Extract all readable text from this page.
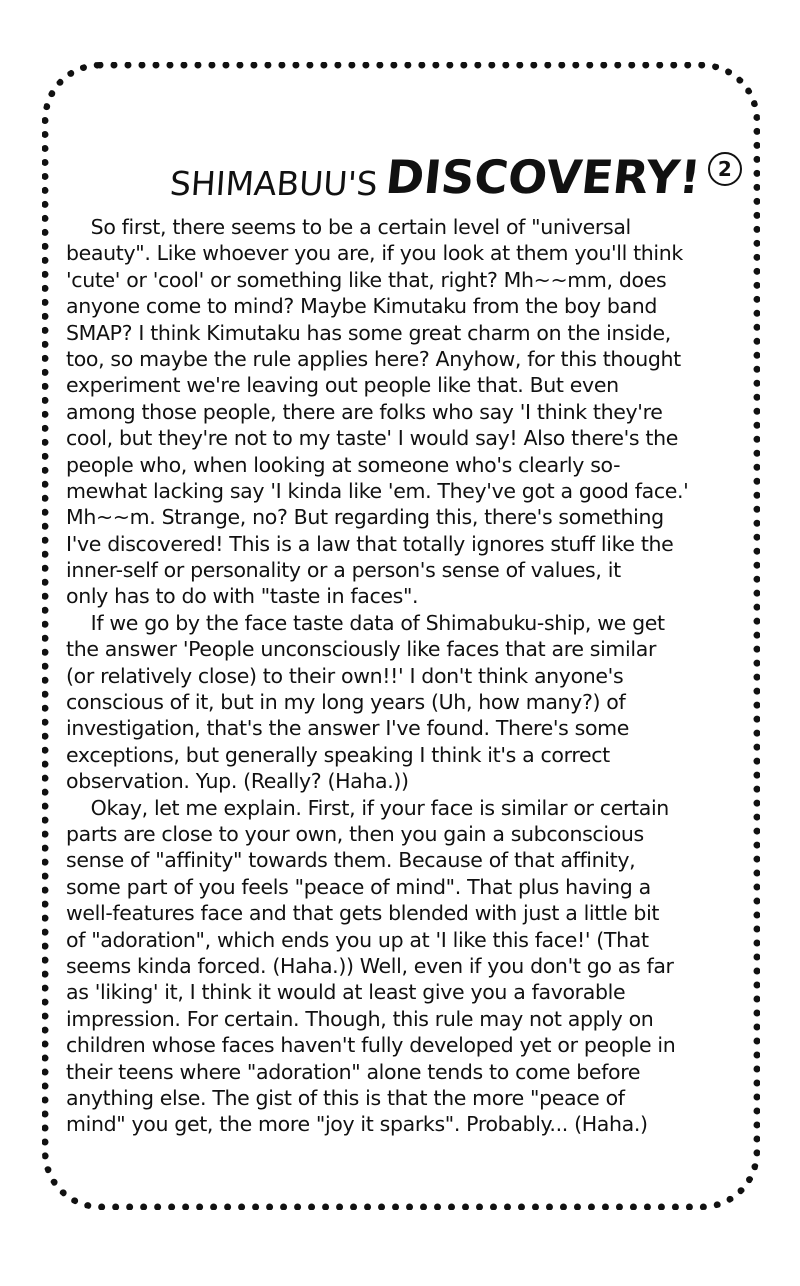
SHIMABUU'S DISCOVERY! 2
So first, there seems to be a certain level of "universal
beauty". Like whoever you are, if you look at them you'll think
'cute' or 'cool' or something like that, right? Mh~~mm, does
anyone come to mind? Maybe Kimutaku from the boy band
SMAP? I think Kimutaku has some great charm on the inside,
too, so maybe the rule applies here? Anyhow, for this thought
experiment we're leaving out people like that. But even
among those people, there are folks who say 'I think they're
cool, but they're not to my taste' I would say! Also there's the
people who, when looking at someone who's clearly so-
mewhat lacking say 'I kinda like 'em. They've got a good face.'
Mh~~m. Strange, no? But regarding this, there's something
I've discovered! This is a law that totally ignores stuff like the
inner-self or personality or a person's sense of values, it
only has to do with "taste in faces".
If we go by the face taste data of Shimabuku-ship, we get
the answer 'People unconsciously like faces that are similar
(or relatively close) to their own!!' I don't think anyone's
conscious of it, but in my long years (Uh, how many?) of
investigation, that's the answer I've found. There's some
exceptions, but generally speaking I think it's a correct
observation. Yup. (Really? (Haha.))
Okay, let me explain. First, if your face is similar or certain
parts are close to your own, then you gain a subconscious
sense of "affinity" towards them. Because of that affinity,
some part of you feels "peace of mind". That plus having a
well-features face and that gets blended with just a little bit
of "adoration", which ends you up at 'I like this face!' (That
seems kinda forced. (Haha.)) Well, even if you don't go as far
as 'liking' it, I think it would at least give you a favorable
impression. For certain. Though, this rule may not apply on
children whose faces haven't fully developed yet or people in
their teens where "adoration" alone tends to come before
anything else. The gist of this is that the more "peace of
mind" you get, the more "joy it sparks". Probably... (Haha.)
